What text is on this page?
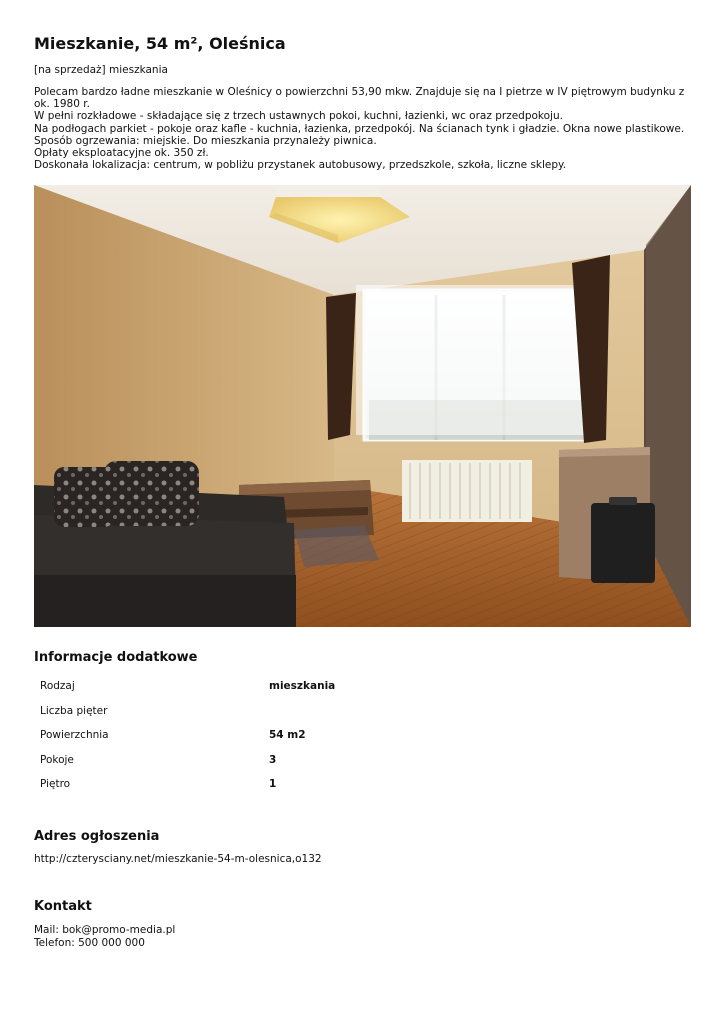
Mieszkanie, 54 m², Oleśnica

[na sprzedaż] mieszkania

Polecam bardzo ładne mieszkanie w Oleśnicy o powierzchni 53,90 mkw. Znajduje się na I pietrze w IV piętrowym budynku z ok. 1980 r.

W pełni rozkładowe - składające się z trzech ustawnych pokoi, kuchni, łazienki, wc oraz przedpokoju.

Na podłogach parkiet - pokoje oraz kafle - kuchnia, łazienka, przedpokój. Na ścianach tynk i gładzie. Okna nowe plastikowe.

Sposób ogrzewania: miejskie. Do mieszkania przynależy piwnica.

Opłaty eksploatacyjne ok. 350 zł.

Doskonała lokalizacja: centrum, w pobliżu przystanek autobusowy, przedszkole, szkoła, liczne sklepy.

Informacje dodatkowe
Rodzaj	mieszkania
Liczba pięter	
Powierzchnia	54 m2
Pokoje	3
Piętro	1
Adres ogłoszenia

http://czterysciany.net/mieszkanie-54-m-olesnica,o132

Kontakt
Mail: bok@promo-media.pl
Telefon: 500 000 000
